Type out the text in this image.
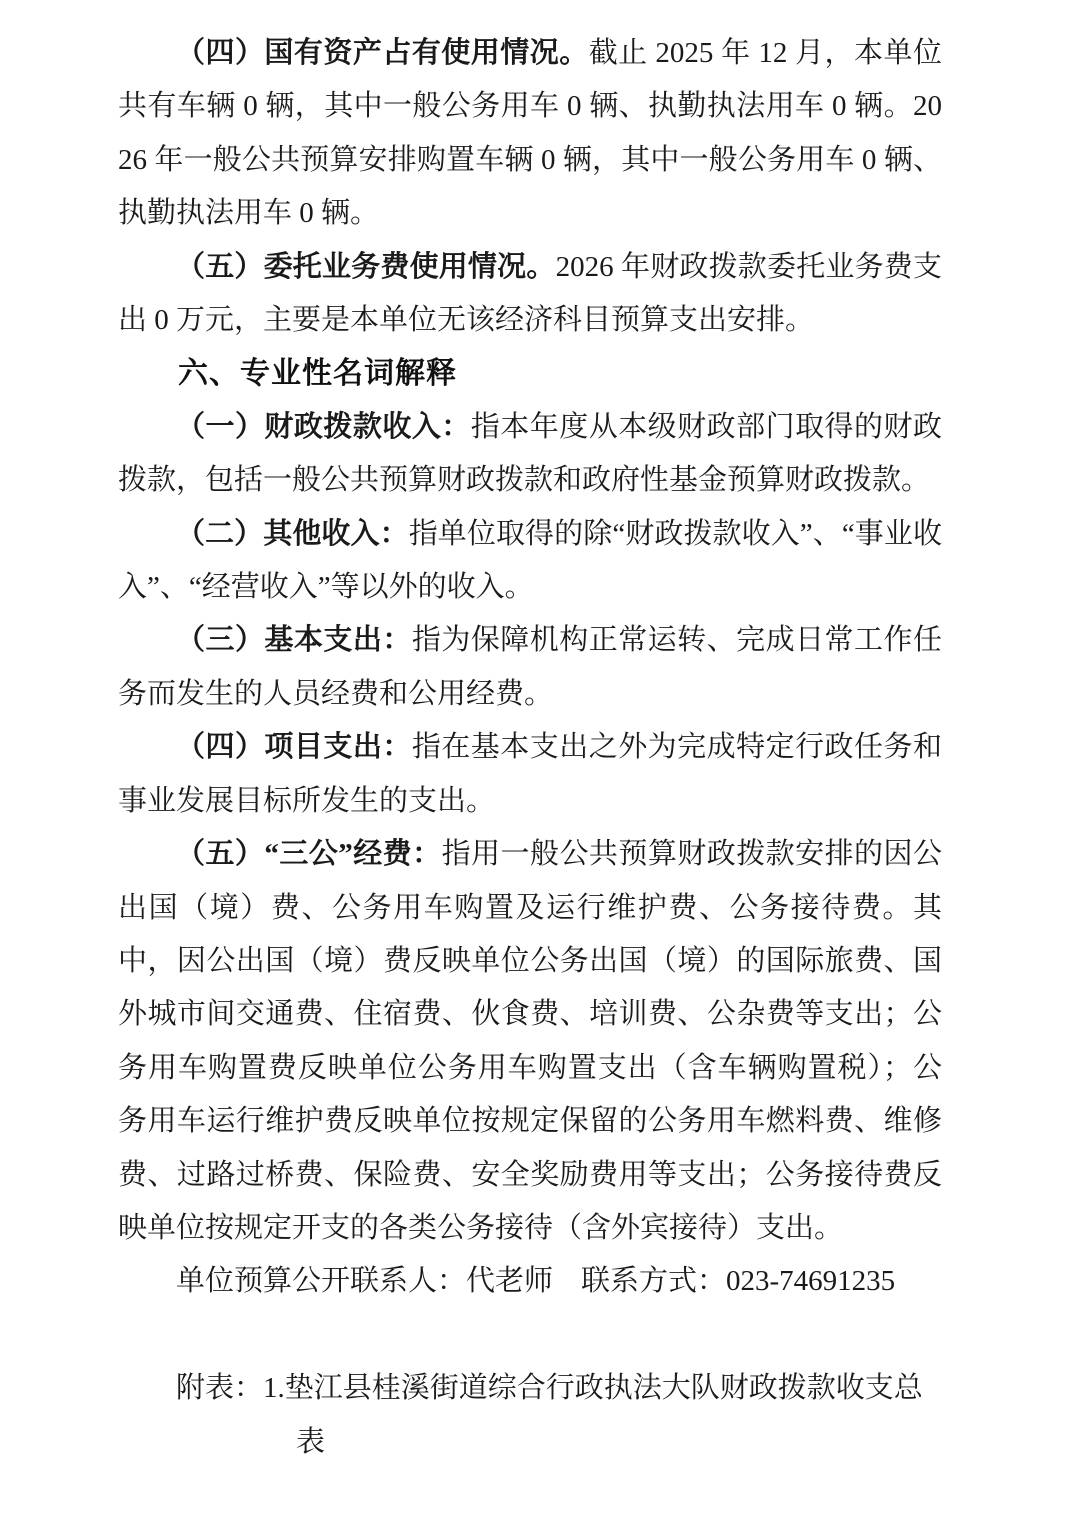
（四）国有资产占有使用情况。截止 2025 年 12 月，本单位共有车辆 0 辆，其中一般公务用车 0 辆、执勤执法用车 0 辆。2026 年一般公共预算安排购置车辆 0 辆，其中一般公务用车 0 辆、执勤执法用车 0 辆。

（五）委托业务费使用情况。2026 年财政拨款委托业务费支出 0 万元，主要是本单位无该经济科目预算支出安排。

六、专业性名词解释

（一）财政拨款收入：指本年度从本级财政部门取得的财政拨款，包括一般公共预算财政拨款和政府性基金预算财政拨款。

（二）其他收入：指单位取得的除“财政拨款收入”、“事业收入”、“经营收入”等以外的收入。

（三）基本支出：指为保障机构正常运转、完成日常工作任务而发生的人员经费和公用经费。

（四）项目支出：指在基本支出之外为完成特定行政任务和事业发展目标所发生的支出。

（五）“三公”经费：指用一般公共预算财政拨款安排的因公出国（境）费、公务用车购置及运行维护费、公务接待费。其中，因公出国（境）费反映单位公务出国（境）的国际旅费、国外城市间交通费、住宿费、伙食费、培训费、公杂费等支出；公务用车购置费反映单位公务用车购置支出（含车辆购置税）；公务用车运行维护费反映单位按规定保留的公务用车燃料费、维修费、过路过桥费、保险费、安全奖励费用等支出；公务接待费反映单位按规定开支的各类公务接待（含外宾接待）支出。

单位预算公开联系人：代老师 联系方式：023-74691235

附表：1.垫江县桂溪街道综合行政执法大队财政拨款收支总

表
